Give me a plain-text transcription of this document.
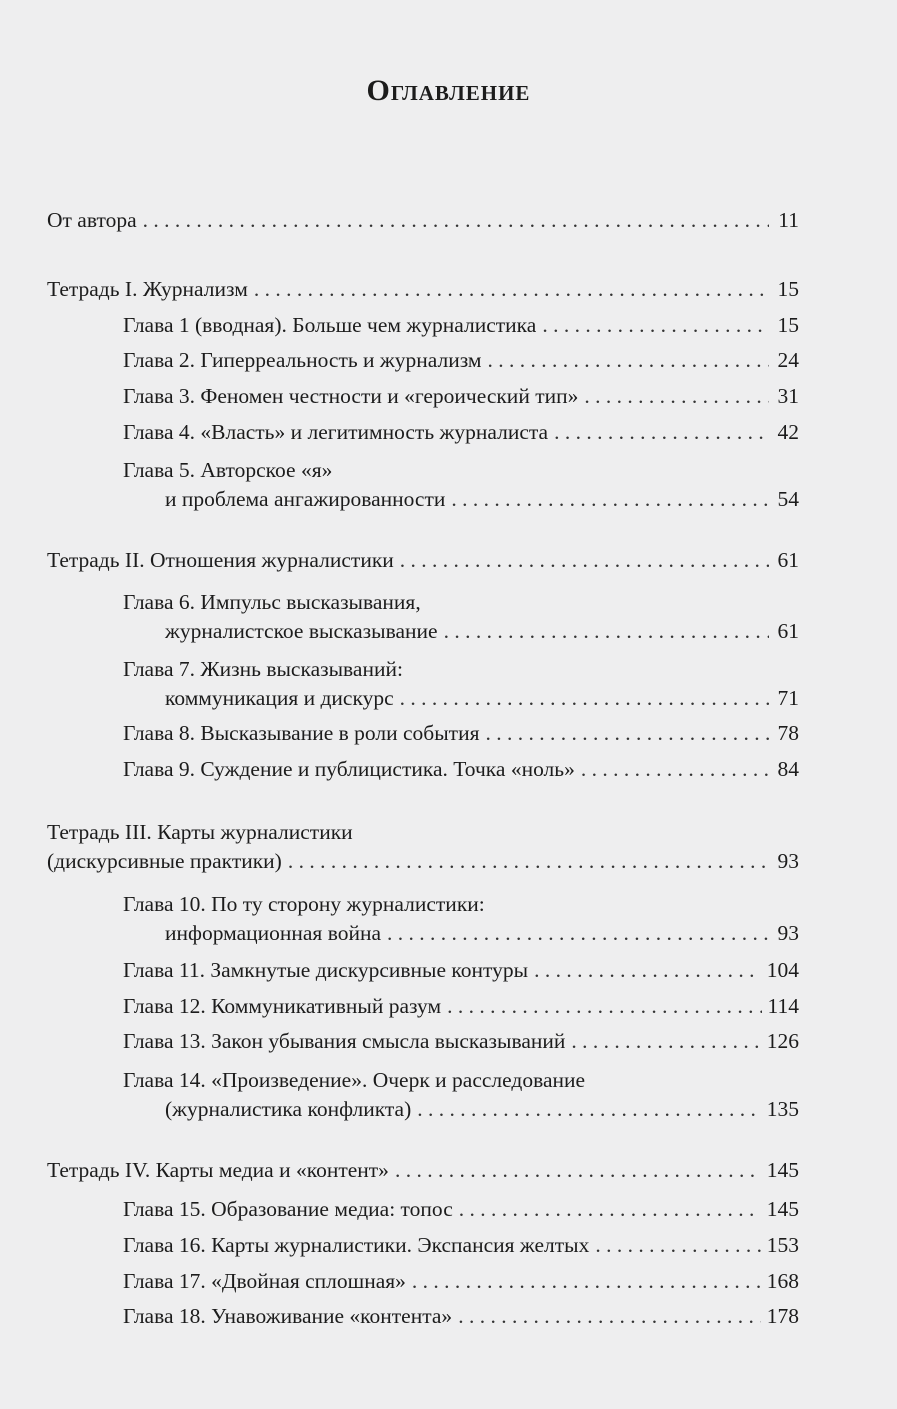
Оглавление
От автора . . .	11
Тетрадь I. Журнализм . . .	15
Глава 1 (вводная). Больше чем журналистика . . .	15
Глава 2. Гиперреальность и журнализм . . .	24
Глава 3. Феномен честности и «героический тип» . . .	31
Глава 4. «Власть» и легитимность журналиста . . .	42
Глава 5. Авторское «я»
и проблема ангажированности . . .	54
Тетрадь II. Отношения журналистики . . .	61
Глава 6. Импульс высказывания,
журналистское высказывание . . .	61
Глава 7. Жизнь высказываний:
коммуникация и дискурс . . .	71
Глава 8. Высказывание в роли события . . .	78
Глава 9. Суждение и публицистика. Точка «ноль» . . .	84
Тетрадь III. Карты журналистики
(дискурсивные практики) . . .	93
Глава 10. По ту сторону журналистики:
информационная война . . .	93
Глава 11. Замкнутые дискурсивные контуры . . .	104
Глава 12. Коммуникативный разум . . .	114
Глава 13. Закон убывания смысла высказываний . . .	126
Глава 14. «Произведение». Очерк и расследование
(журналистика конфликта) . . .	135
Тетрадь IV. Карты медиа и «контент» . . .	145
Глава 15. Образование медиа: топос . . .	145
Глава 16. Карты журналистики. Экспансия желтых . . .	153
Глава 17. «Двойная сплошная» . . .	168
Глава 18. Унавоживание «контента» . . .	178
